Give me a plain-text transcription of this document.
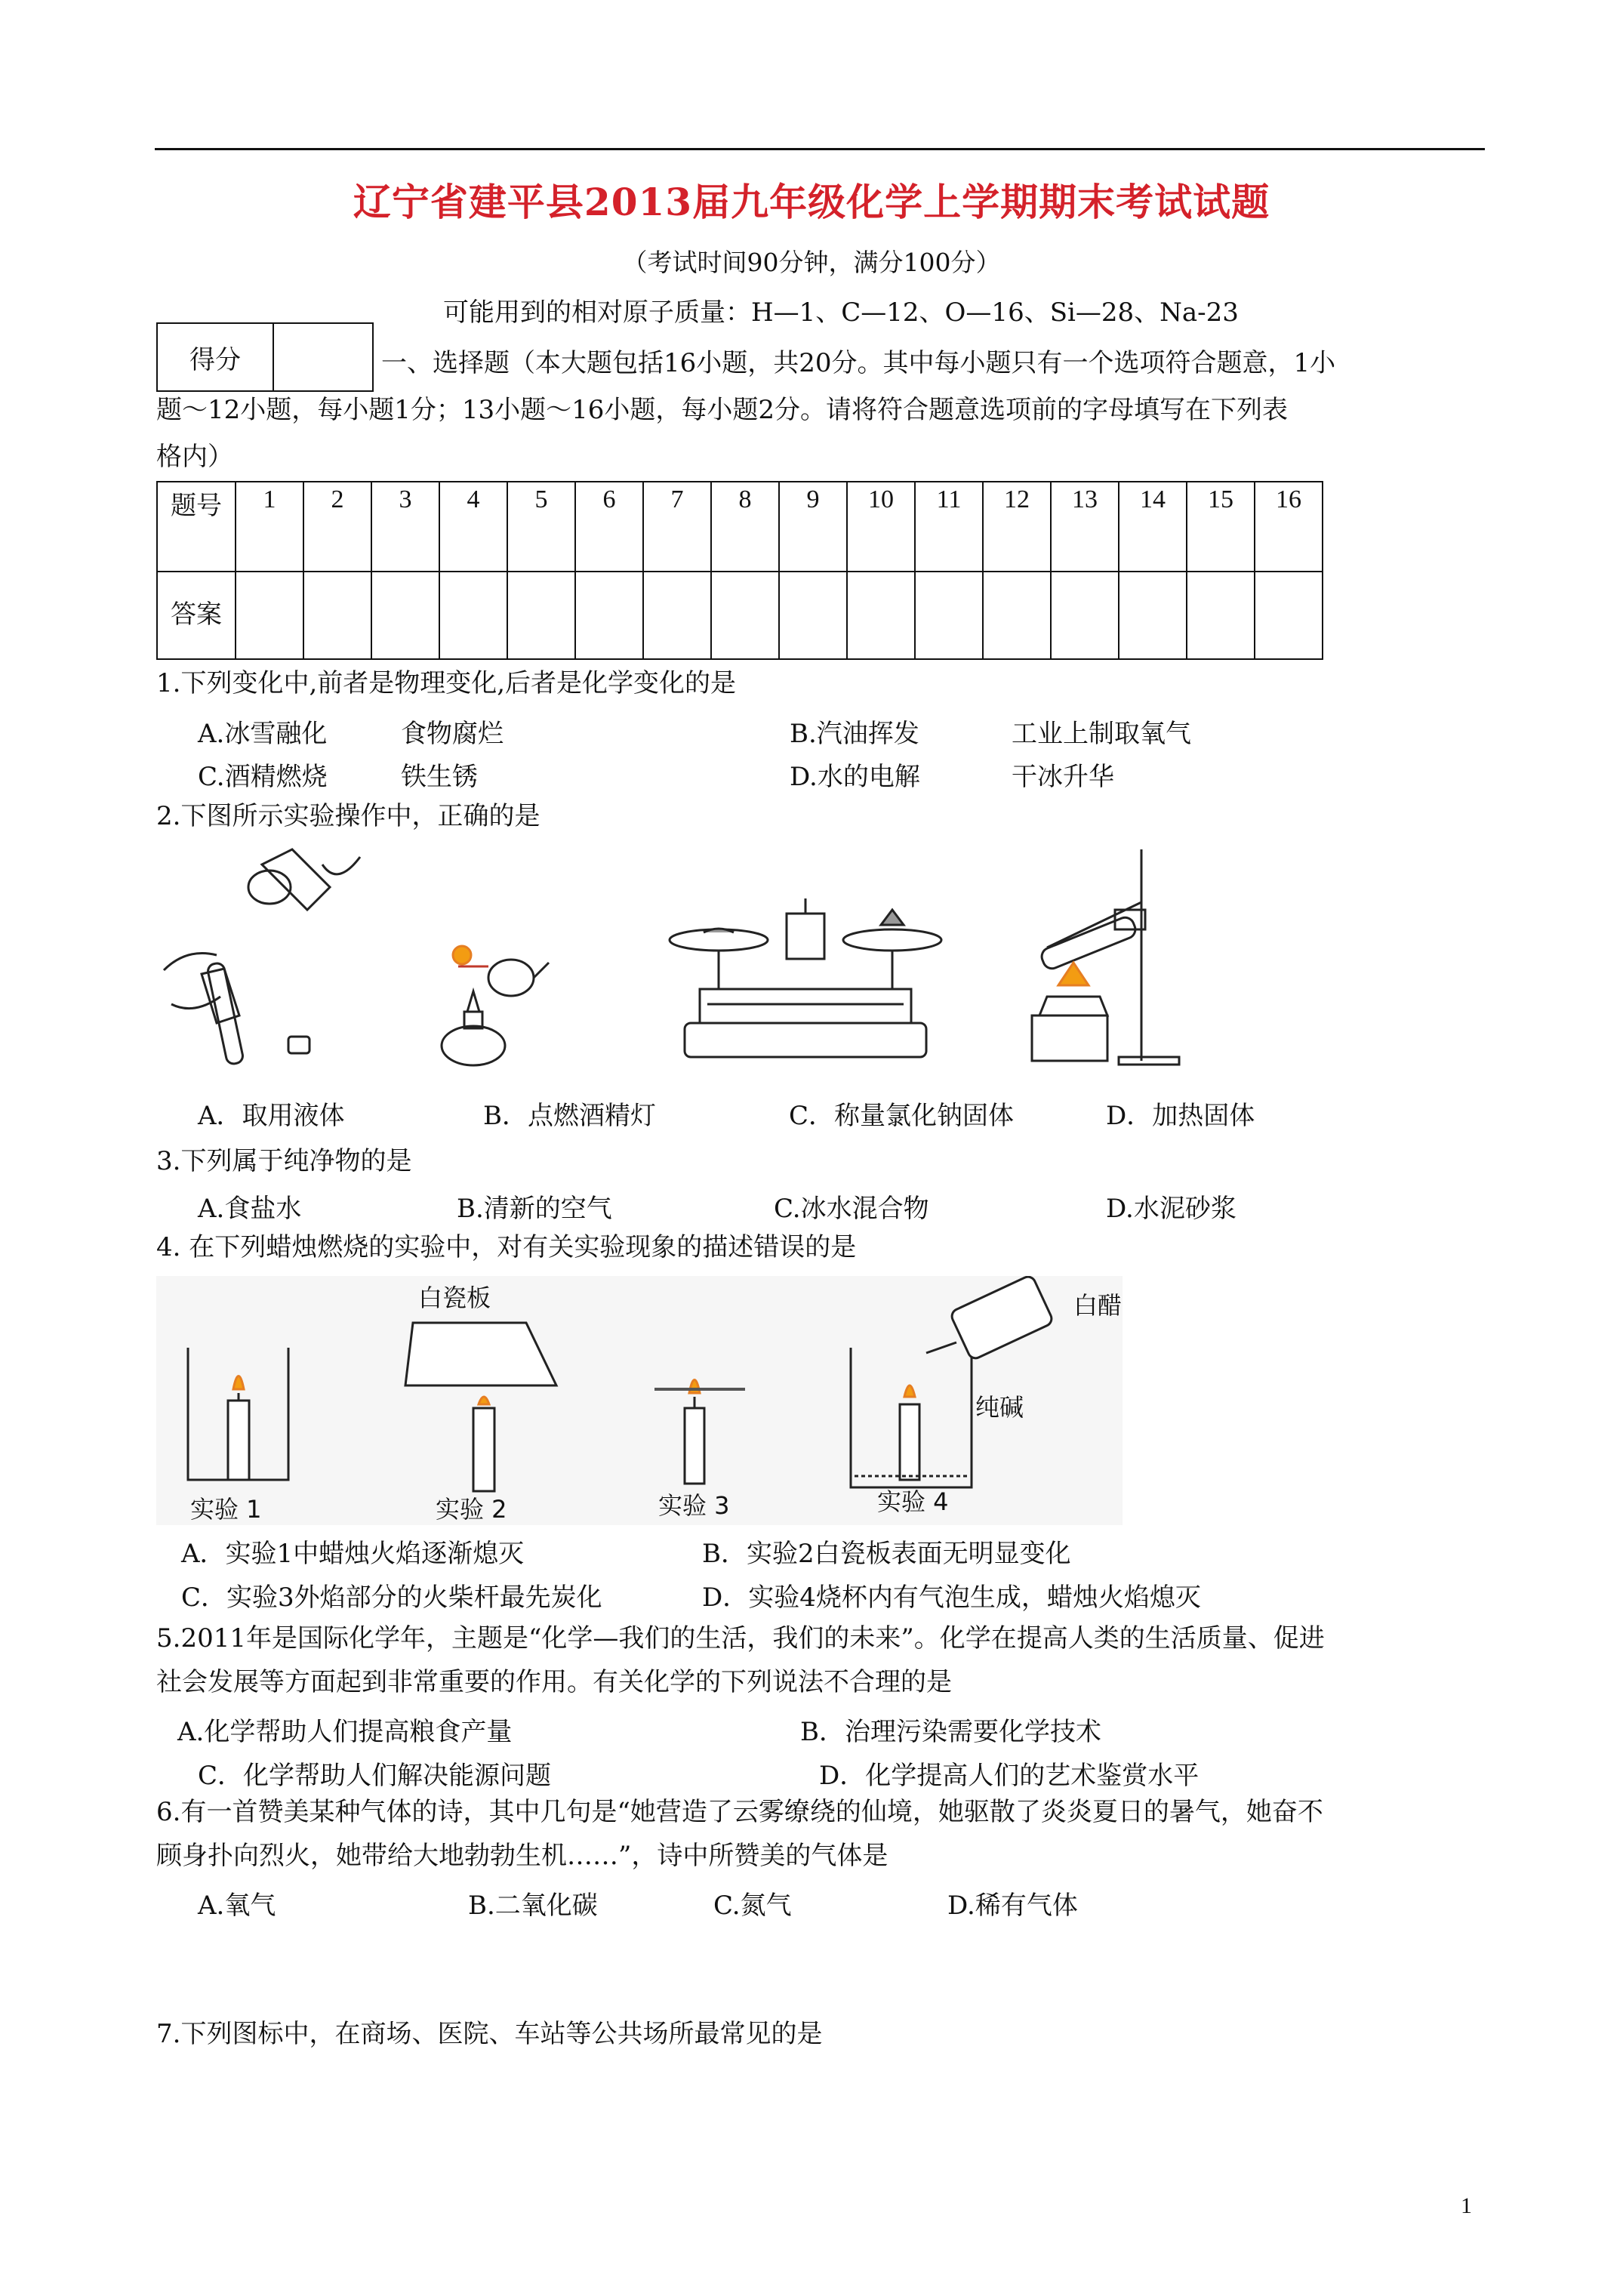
辽宁省建平县2013届九年级化学上学期期末考试试题
（考试时间90分钟，满分100分）
可能用到的相对原子质量：H—1、C—12、O—16、Si—28、Na-23
得分		一、选择题（本大题包括16小题，共20分。其中每小题只有一个选项符合题意，1小
题～12小题，每小题1分；13小题～16小题，每小题2分。请将符合题意选项前的字母填写在下列表
格内）
题号	1	2	3	4	5	6	7	8	9	10	11	12	13	14	15	16
答案																
1.下列变化中,前者是物理变化,后者是化学变化的是
A.冰雪融化	食物腐烂	B.汽油挥发	工业上制取氧气
C.酒精燃烧	铁生锈	D.水的电解	干冰升华
2.下图所示实验操作中，正确的是
A．取用液体	B．点燃酒精灯	C．称量氯化钠固体	D．加热固体
3.下列属于纯净物的是
A.食盐水	B.清新的空气	C.冰水混合物	D.水泥砂浆
4. 在下列蜡烛燃烧的实验中，对有关实验现象的描述错误的是
白瓷板	白醋
纯碱
实验 1	实验 2	实验 3	实验 4
A．实验1中蜡烛火焰逐渐熄灭	B．实验2白瓷板表面无明显变化
C．实验3外焰部分的火柴杆最先炭化	D．实验4烧杯内有气泡生成，蜡烛火焰熄灭
5.2011年是国际化学年，主题是“化学—我们的生活，我们的未来”。化学在提高人类的生活质量、促进
社会发展等方面起到非常重要的作用。有关化学的下列说法不合理的是
A.化学帮助人们提高粮食产量	B．治理污染需要化学技术
C．化学帮助人们解决能源问题	D．化学提高人们的艺术鉴赏水平
6.有一首赞美某种气体的诗，其中几句是“她营造了云雾缭绕的仙境，她驱散了炎炎夏日的暑气，她奋不
顾身扑向烈火，她带给大地勃勃生机……”，诗中所赞美的气体是
A.氧气	B.二氧化碳	C.氮气	D.稀有气体
7.下列图标中，在商场、医院、车站等公共场所最常见的是
1
